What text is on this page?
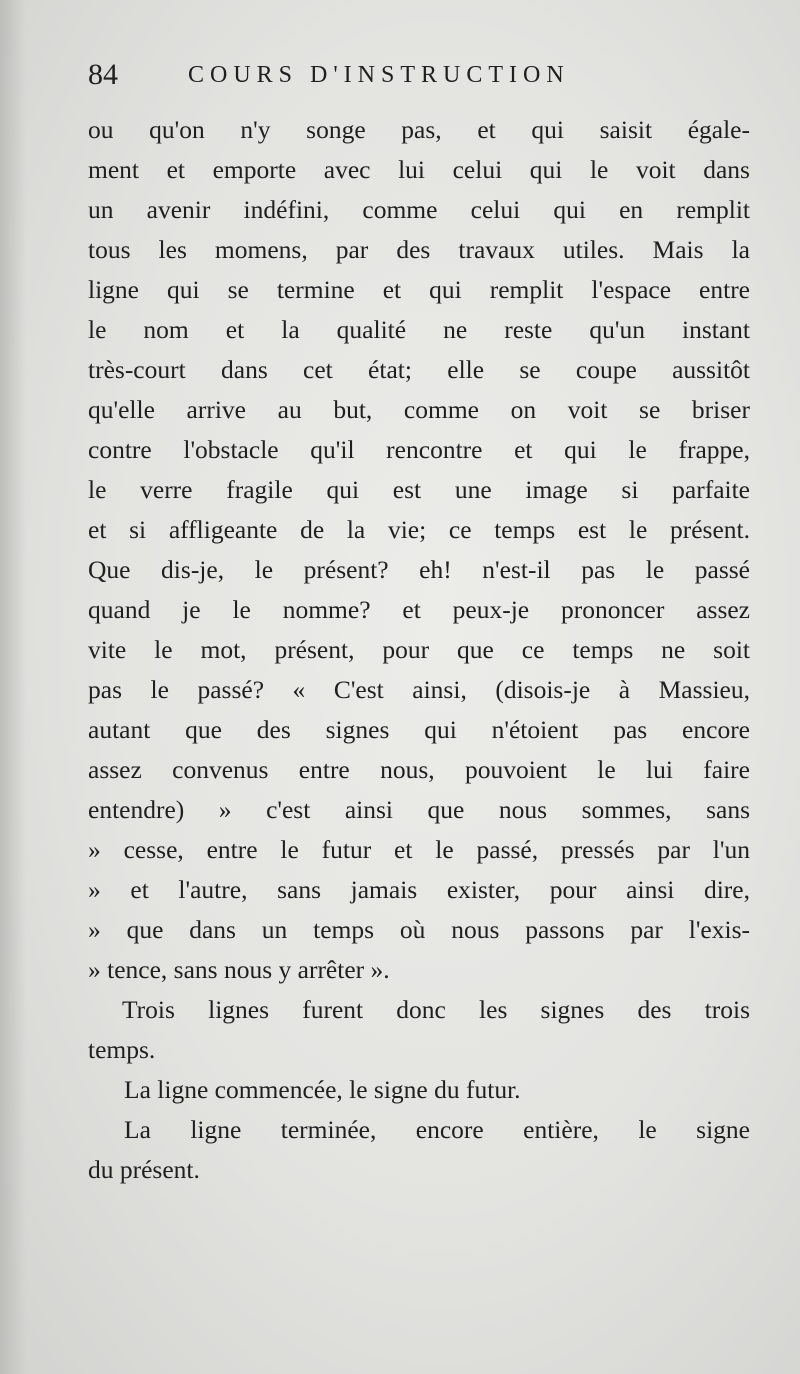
84	COURS D'INSTRUCTION
ou qu'on n'y songe pas, et qui saisit égale-
ment et emporte avec lui celui qui le voit dans
un avenir indéfini, comme celui qui en remplit
tous les momens, par des travaux utiles. Mais la
ligne qui se termine et qui remplit l'espace entre
le nom et la qualité ne reste qu'un instant
très-court dans cet état; elle se coupe aussitôt
qu'elle arrive au but, comme on voit se briser
contre l'obstacle qu'il rencontre et qui le frappe,
le verre fragile qui est une image si parfaite
et si affligeante de la vie; ce temps est le présent.
Que dis-je, le présent? eh! n'est-il pas le passé
quand je le nomme? et peux-je prononcer assez
vite le mot, présent, pour que ce temps ne soit
pas le passé? « C'est ainsi, (disois-je à Massieu,
autant que des signes qui n'étoient pas encore
assez convenus entre nous, pouvoient le lui faire
entendre) » c'est ainsi que nous sommes, sans
» cesse, entre le futur et le passé, pressés par l'un
» et l'autre, sans jamais exister, pour ainsi dire,
» que dans un temps où nous passons par l'exis-
» tence, sans nous y arrêter ».
Trois lignes furent donc les signes des trois
temps.
La ligne commencée, le signe du futur.
La ligne terminée, encore entière, le signe
du présent.
